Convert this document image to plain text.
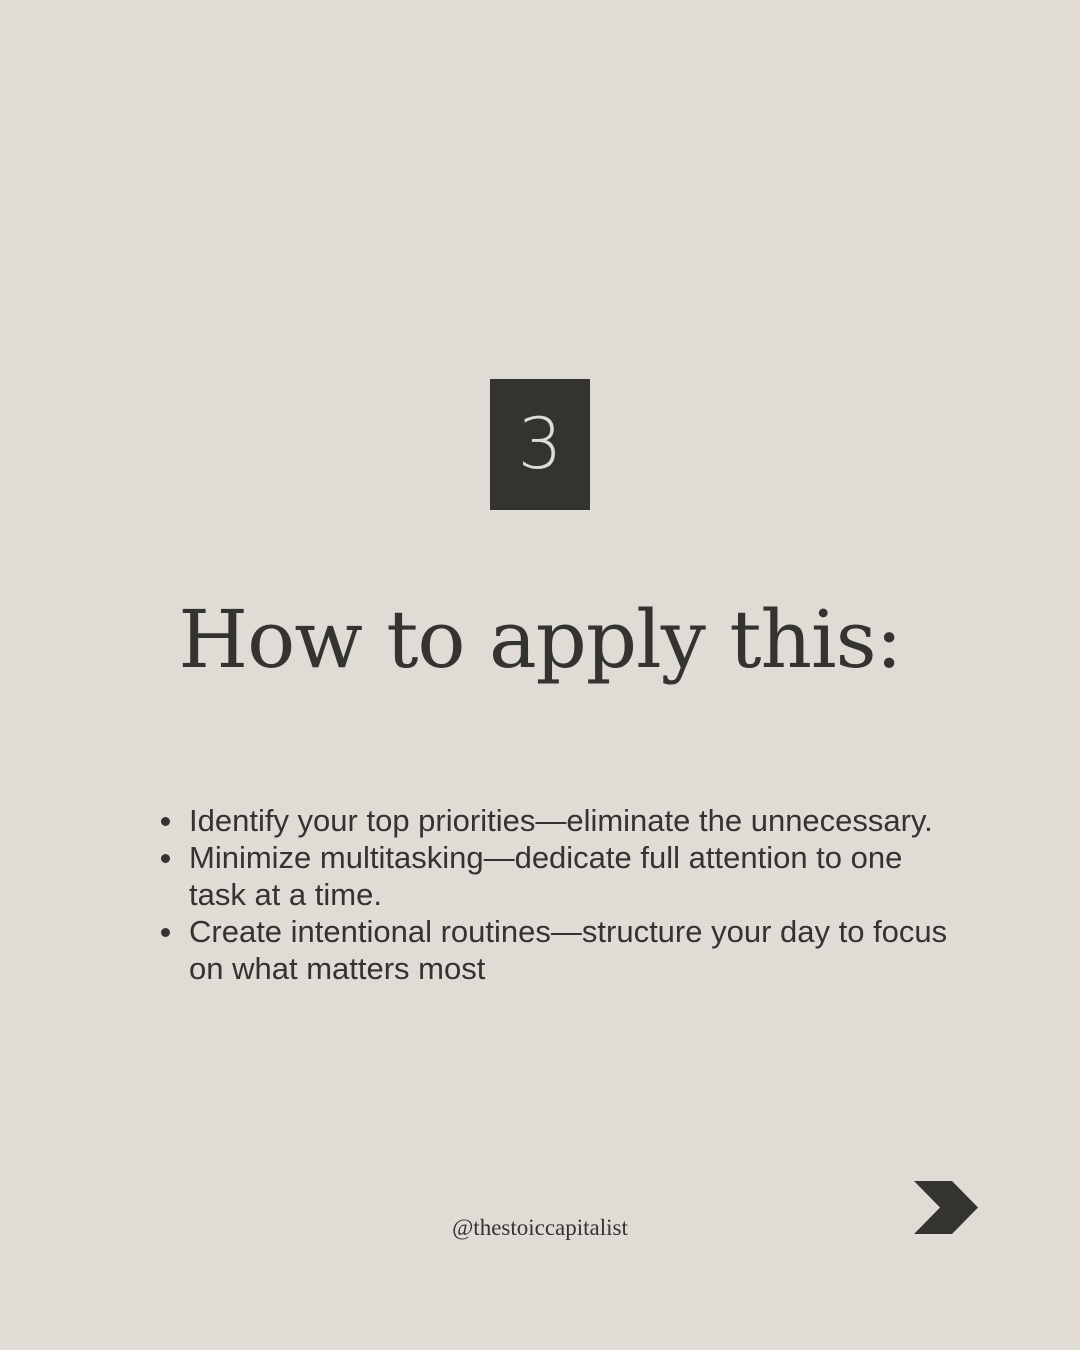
3
How to apply this:
Identify your top priorities—eliminate the unnecessary.
Minimize multitasking—dedicate full attention to one task at a time.
Create intentional routines—structure your day to focus on what matters most
@thestoiccapitalist
